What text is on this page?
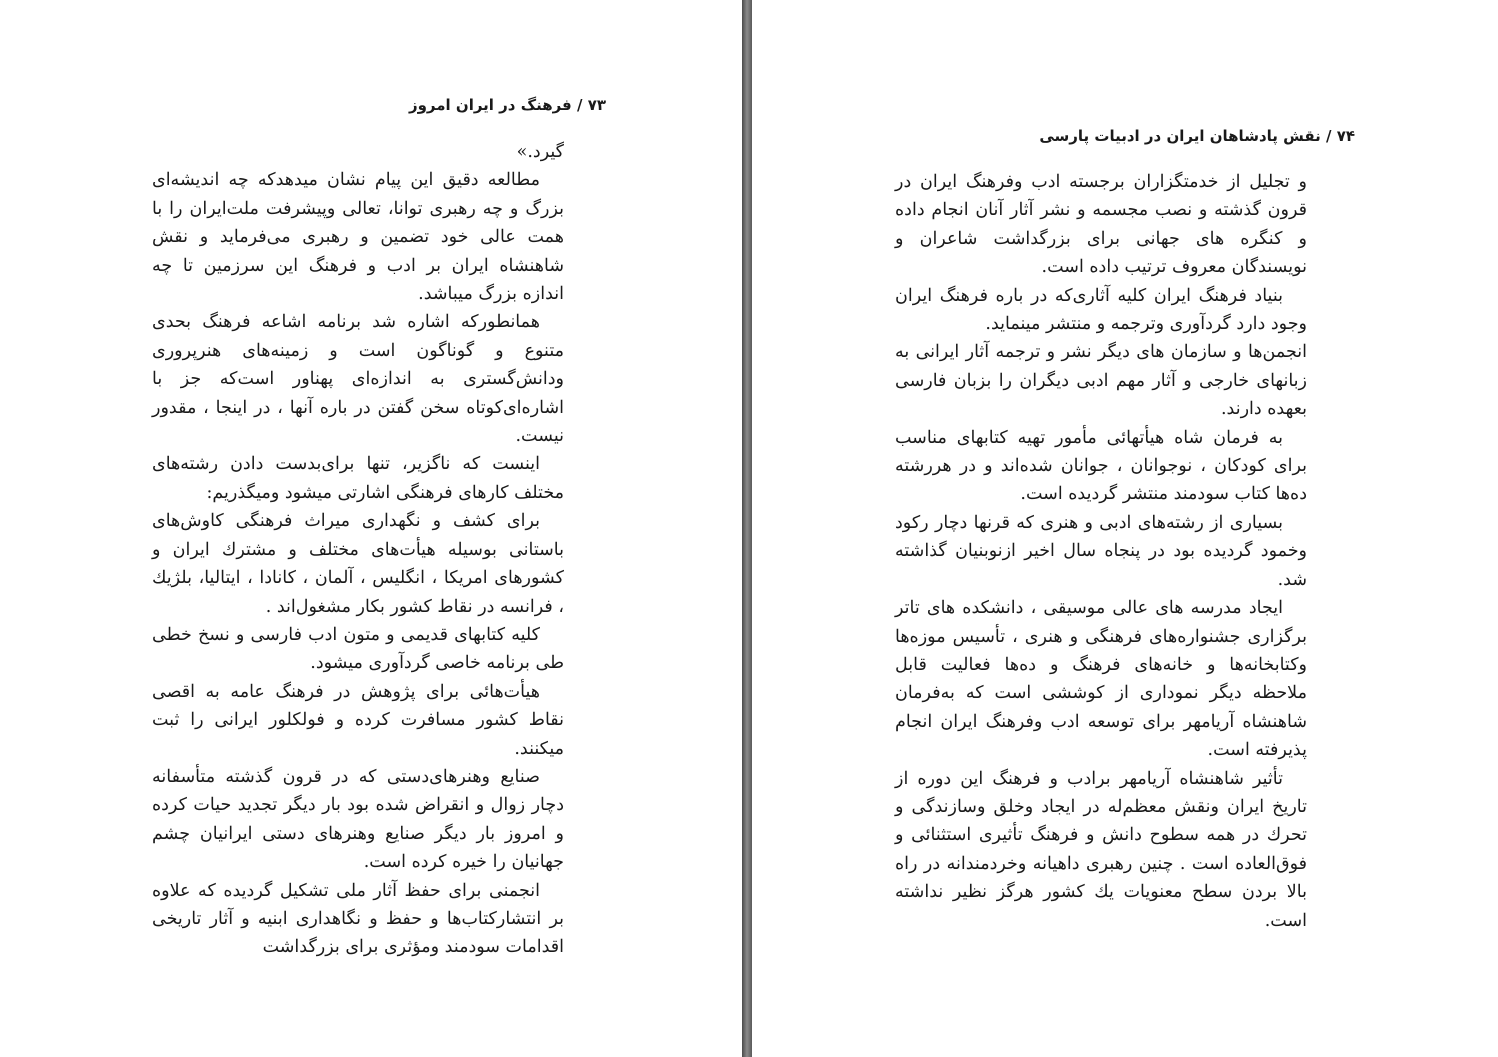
۷۳ / فرهنگ در ایران امروز

گیرد.»

مطالعه دقیق این پیام نشان میدهدکه چه اندیشه‌ای بزرگ و چه رهبری توانا، تعالی وپیشرفت ملت‌ایران را با همت عالی خود تضمین و رهبری می‌فرماید و نقش شاهنشاه ایران بر ادب و فرهنگ این سرزمین تا چه اندازه بزرگ میباشد.

همانطورکه اشاره شد برنامه اشاعه فرهنگ بحدی متنوع و گوناگون است و زمینه‌های هنرپروری ودانش‌گستری به اندازه‌ای پهناور است‌که جز با اشاره‌ای‌کوتاه سخن گفتن در باره آنها ، در اینجا ، مقدور نیست.

اینست که ناگزیر، تنها برای‌بدست دادن رشته‌های مختلف کارهای فرهنگی اشارتی میشود ومیگذریم:

برای کشف و نگهداری میراث فرهنگی کاوش‌های باستانی بوسیله هیأت‌های مختلف و مشترك ایران و کشورهای امریکا ، انگلیس ، آلمان ، کانادا ، ایتالیا، بلژیك ، فرانسه در نقاط کشور بکار مشغول‌اند .

کلیه کتابهای قدیمی و متون ادب فارسی و نسخ خطی طی برنامه خاصی گردآوری میشود.

هیأت‌هائی برای پژوهش در فرهنگ عامه به اقصی نقاط کشور مسافرت کرده و فولکلور ایرانی را ثبت میکنند.

صنایع وهنرهای‌دستی که در قرون گذشته متأسفانه دچار زوال و انقراض شده بود بار دیگر تجدید حیات کرده و امروز بار دیگر صنایع وهنرهای دستی ایرانیان چشم جهانیان را خیره کرده است.

انجمنی برای حفظ آثار ملی تشکیل گردیده که علاوه بر انتشارکتاب‌ها و حفظ و نگاهداری ابنیه و آثار تاریخی اقدامات سودمند ومؤثری برای بزرگداشت

۷۴ / نقش پادشاهان ایران در ادبیات پارسی

و تجلیل از خدمتگزاران برجسته ادب وفرهنگ ایران در قرون گذشته و نصب مجسمه و نشر آثار آنان انجام داده و کنگره های جهانی برای بزرگداشت شاعران و نویسندگان معروف ترتیب داده است.

بنیاد فرهنگ ایران کلیه آثاری‌که در باره فرهنگ ایران وجود دارد گردآوری وترجمه و منتشر مینماید.

انجمن‌ها و سازمان های دیگر نشر و ترجمه آثار ایرانی به زبانهای خارجی و آثار مهم ادبی دیگران را بزبان فارسی بعهده دارند.

به فرمان شاه هیأتهائی مأمور تهیه کتابهای مناسب برای کودکان ، نوجوانان ، جوانان شده‌اند و در هررشته ده‌ها کتاب سودمند منتشر گردیده است.

بسیاری از رشته‌های ادبی و هنری که قرنها دچار رکود وخمود گردیده بود در پنجاه سال اخیر ازنوبنیان گذاشته شد.

ایجاد مدرسه های عالی موسیقی ، دانشکده های تاتر برگزاری جشنواره‌های فرهنگی و هنری ، تأسیس موزه‌ها وکتابخانه‌ها و خانه‌های فرهنگ و ده‌ها فعالیت قابل ملاحظه دیگر نموداری از کوششی است که به‌فرمان شاهنشاه آریامهر برای توسعه ادب وفرهنگ ایران انجام پذیرفته است.

تأثیر شاهنشاه آریامهر برادب و فرهنگ این دوره از تاریخ ایران ونقش معظم‌له در ایجاد وخلق وسازندگی و تحرك در همه سطوح دانش و فرهنگ تأثیری استثنائی و فوق‌العاده است . چنین رهبری داهیانه وخردمندانه در راه بالا بردن سطح معنویات یك کشور هرگز نظیر نداشته است.
